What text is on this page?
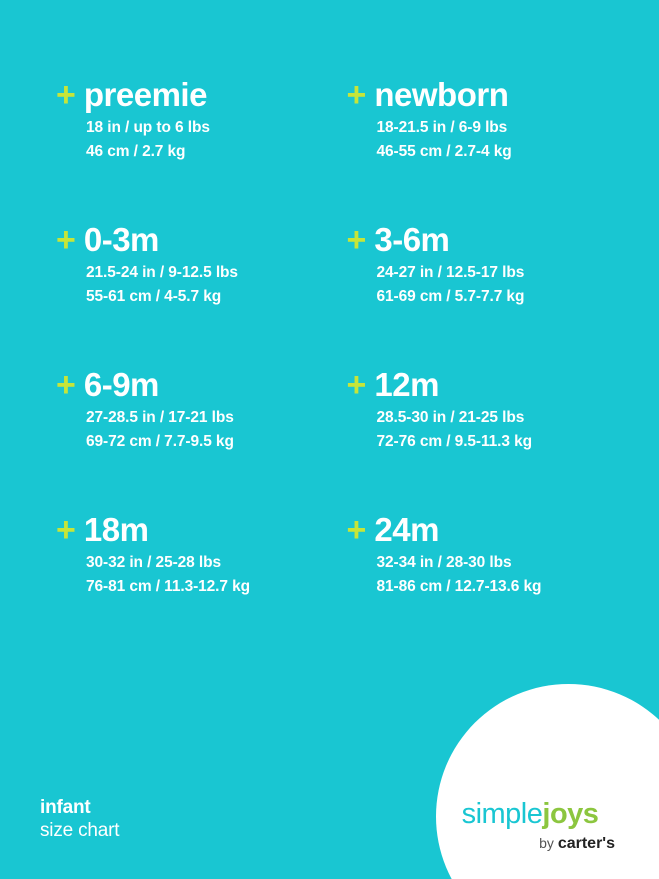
+ preemie
18 in / up to 6 lbs
46 cm / 2.7 kg
+ newborn
18-21.5 in / 6-9 lbs
46-55 cm / 2.7-4 kg
+ 0-3m
21.5-24 in / 9-12.5 lbs
55-61 cm / 4-5.7 kg
+ 3-6m
24-27 in / 12.5-17 lbs
61-69 cm / 5.7-7.7 kg
+ 6-9m
27-28.5 in / 17-21 lbs
69-72 cm / 7.7-9.5 kg
+ 12m
28.5-30 in / 21-25 lbs
72-76 cm / 9.5-11.3 kg
+ 18m
30-32 in / 25-28 lbs
76-81 cm / 11.3-12.7 kg
+ 24m
32-34 in / 28-30 lbs
81-86 cm / 12.7-13.6 kg
infant
size chart
simplejoys
by carter's
